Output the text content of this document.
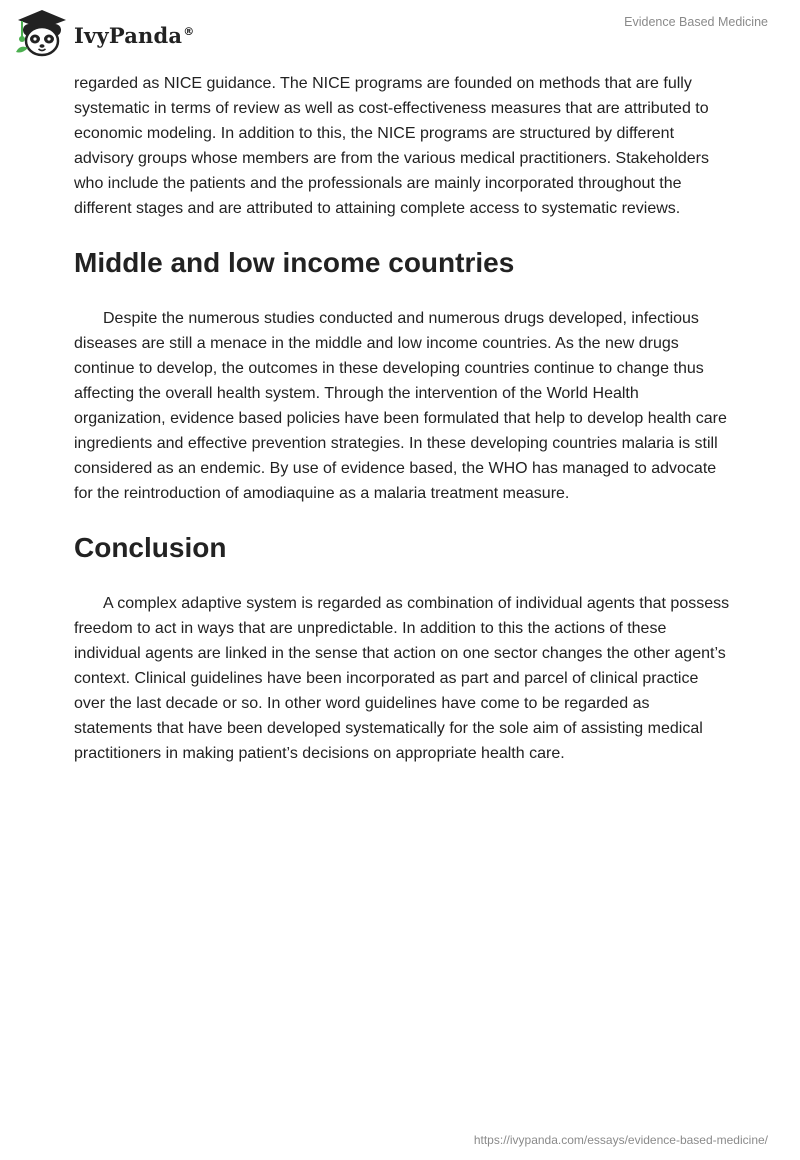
IvyPanda®
Evidence Based Medicine

regarded as NICE guidance. The NICE programs are founded on methods that are fully systematic in terms of review as well as cost-effectiveness measures that are attributed to economic modeling. In addition to this, the NICE programs are structured by different advisory groups whose members are from the various medical practitioners. Stakeholders who include the patients and the professionals are mainly incorporated throughout the different stages and are attributed to attaining complete access to systematic reviews.

Middle and low income countries

Despite the numerous studies conducted and numerous drugs developed, infectious diseases are still a menace in the middle and low income countries. As the new drugs continue to develop, the outcomes in these developing countries continue to change thus affecting the overall health system. Through the intervention of the World Health organization, evidence based policies have been formulated that help to develop health care ingredients and effective prevention strategies. In these developing countries malaria is still considered as an endemic. By use of evidence based, the WHO has managed to advocate for the reintroduction of amodiaquine as a malaria treatment measure.

Conclusion

A complex adaptive system is regarded as combination of individual agents that possess freedom to act in ways that are unpredictable. In addition to this the actions of these individual agents are linked in the sense that action on one sector changes the other agent’s context. Clinical guidelines have been incorporated as part and parcel of clinical practice over the last decade or so. In other word guidelines have come to be regarded as statements that have been developed systematically for the sole aim of assisting medical practitioners in making patient’s decisions on appropriate health care.

https://ivypanda.com/essays/evidence-based-medicine/
